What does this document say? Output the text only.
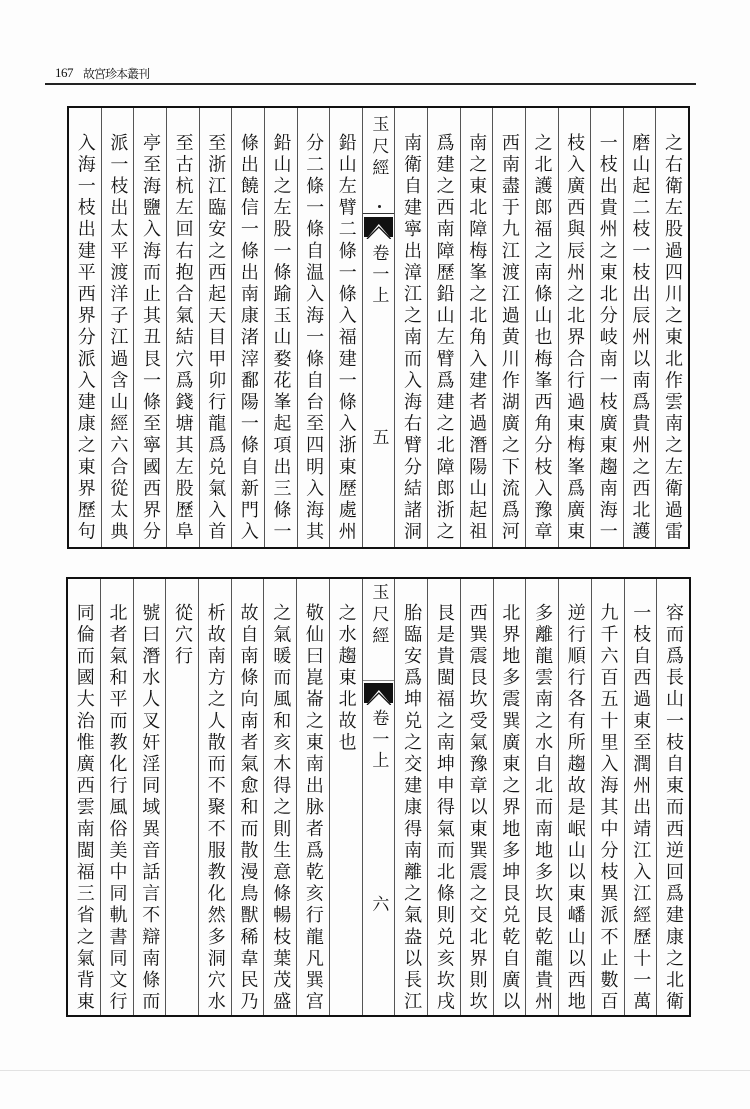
167 故宮珍本叢刊
之右衛左股過四川之東北作雲南之左衛過雷
磨山起二枝一枝出辰州以南爲貴州之西北護
一枝出貴州之東北分岐南一枝廣東趨南海一
枝入廣西與辰州之北界合行過東梅峯爲廣東
之北護郎福之南條山也梅峯西角分枝入豫章
西南盡于九江渡江過黄川作湖廣之下流爲河
南之東北障梅峯之北角入建者過潛陽山起祖
爲建之西南障歷鉛山左臂爲建之北障郎浙之
南衛自建寧出漳江之南而入海右臂分結諸洞
玉尺經
卷一上
五
鉛山左臂二條一條入福建一條入浙東歷處州
分二條一條自温入海一條自台至四明入海其
鉛山之左股一條踰玉山婺花峯起項出三條一
條出饒信一條出南康渚滓鄱陽一條自新門入
至浙江臨安之西起天目甲卯行龍爲兑氣入首
至古杭左回右抱合氣結穴爲錢塘其左股歷阜
亭至海鹽入海而止其丑艮一條至寧國西界分
派一枝出太平渡洋子江過含山經六合從太典
入海一枝出建平西界分派入建康之東界歷句
容而爲長山一枝自東而西逆回爲建康之北衛
一枝自西過東至潤州出靖江入江經歷十一萬
九千六百五十里入海其中分枝異派不止數百
逆行順行各有所趨故是岷山以東嶓山以西地
多離龍雲南之水自北而南地多坎艮乾龍貴州
北界地多震巽廣東之界地多坤艮兑乾自廣以
西巽震艮坎受氣豫章以東巽震之交北界則坎
艮是貴閩福之南坤申得氣而北條則兑亥坎戌
胎臨安爲坤兑之交建康得南離之氣盎以長江
玉尺經
卷一上
六
之水趨東北故也
敬仙曰崑崙之東南出脉者爲乾亥行龍凡巽宫
之氣暖而風和亥木得之則生意條暢枝葉茂盛
故自南條向南者氣愈和而散漫鳥獸稀韋民乃
析故南方之人散而不聚不服教化然多洞穴水
從穴行
號曰潛水人叉奸淫同域異音話言不辯南條而
北者氣和平而教化行風俗美中同軌書同文行
同倫而國大治惟廣西雲南閩福三省之氣背東
